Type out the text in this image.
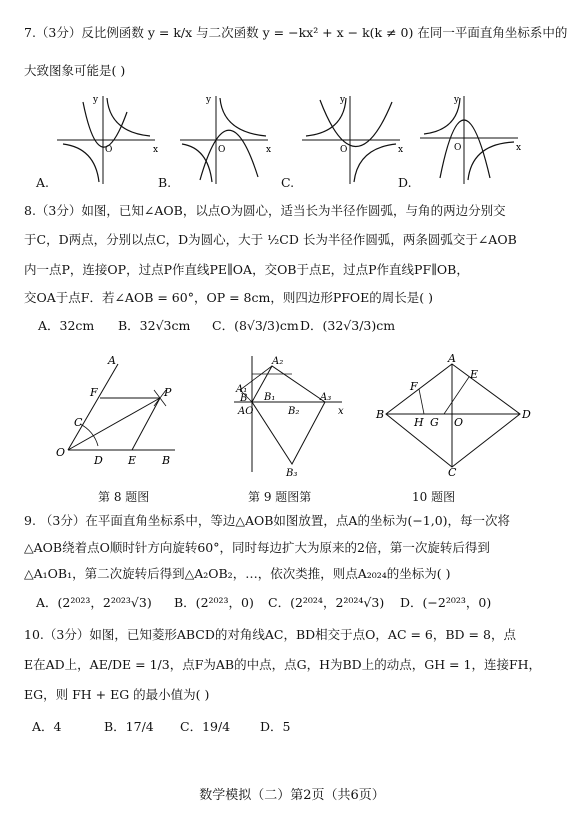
7.（3分）反比例函数 y = k/x 与二次函数 y = −kx² + x − k(k ≠ 0) 在同一平面直角坐标系中的
大致图象可能是( )
x
y
O	x
y
O	x
y
O	x
y
O
A.	B.	C.	D.
8.（3分）如图，已知∠AOB，以点O为圆心，适当长为半径作圆弧，与角的两边分别交
于C，D两点，分别以点C，D为圆心，大于 ½CD 长为半径作圆弧，两条圆弧交于∠AOB
内一点P，连接OP，过点P作直线PE∥OA，交OB于点E，过点P作直线PF∥OB，
交OA于点F．若∠AOB = 60°，OP = 8cm，则四边形PFOE的周长是( )
A．32cm B．32√3cm C．(8√3/3)cm D．(32√3/3)cm
A
F	P
C
O
D E B
A₂
A₁
B B₁
AO	B₂
A₃
x
B₃
A
E
F
B
H G O
D
C
第 8 题图	第 9 题图第	10 题图
9. （3分）在平面直角坐标系中，等边△AOB如图放置，点A的坐标为(−1,0)，每一次将
△AOB绕着点O顺时针方向旋转60°，同时每边扩大为原来的2倍，第一次旋转后得到
△A₁OB₁，第二次旋转后得到△A₂OB₂，…，依次类推，则点A₂₀₂₄的坐标为( )
A．(2²⁰²³，2²⁰²³√3) B．(2²⁰²³，0) C．(2²⁰²⁴，2²⁰²⁴√3) D．(−2²⁰²³，0)
10.（3分）如图，已知菱形ABCD的对角线AC，BD相交于点O，AC = 6，BD = 8，点
E在AD上，AE/DE = 1/3，点F为AB的中点，点G，H为BD上的动点，GH = 1，连接FH，
EG，则 FH + EG 的最小值为( )
A．4	B．17/4 C．19/4 D．5
数学模拟（二）第2页（共6页）
